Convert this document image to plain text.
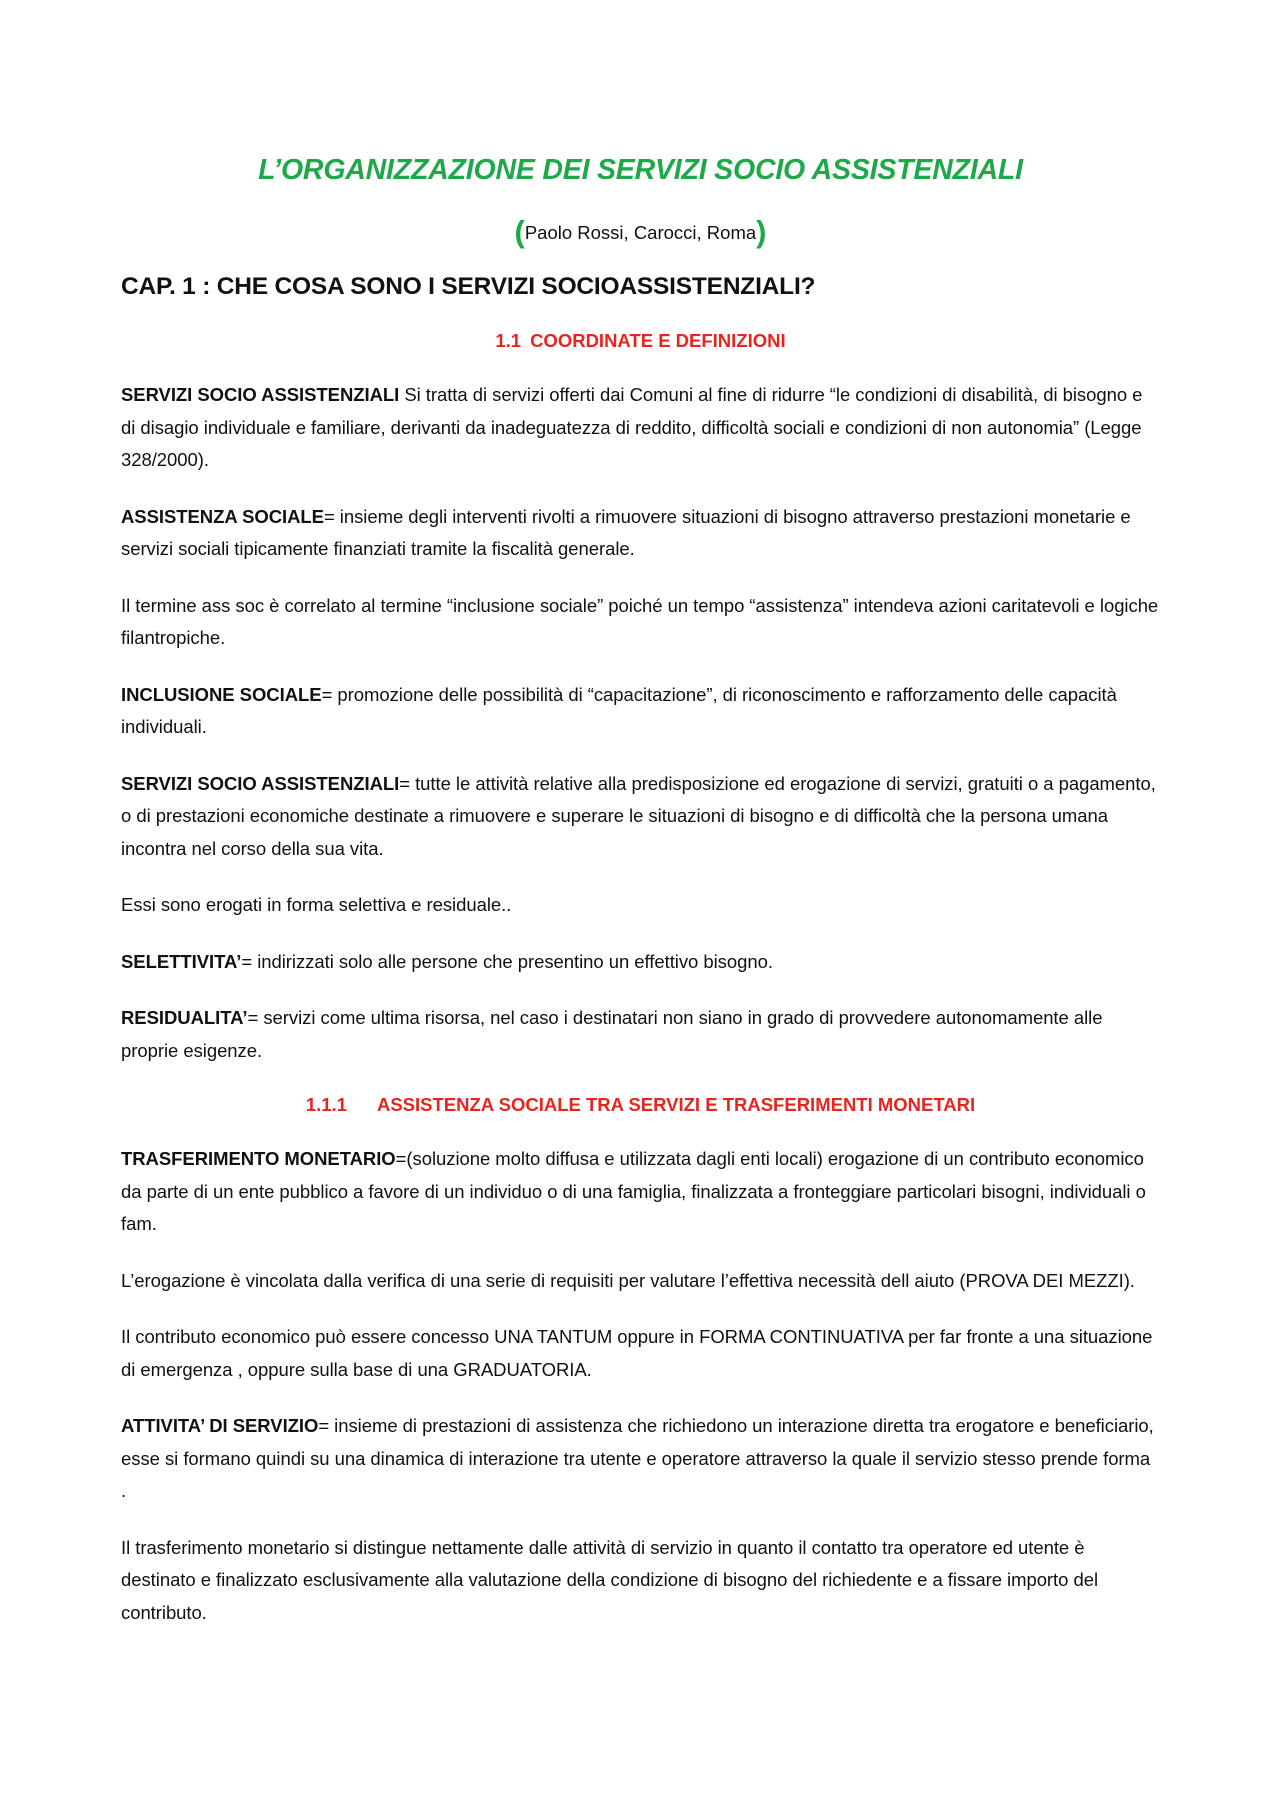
L’ORGANIZZAZIONE DEI SERVIZI SOCIO ASSISTENZIALI

(Paolo Rossi, Carocci, Roma)

CAP. 1 : CHE COSA SONO I SERVIZI SOCIOASSISTENZIALI?
1.1 COORDINATE E DEFINIZIONI

SERVIZI SOCIO ASSISTENZIALI Si tratta di servizi offerti dai Comuni al fine di ridurre “le condizioni di disabilità, di bisogno e di disagio individuale e familiare, derivanti da inadeguatezza di reddito, difficoltà sociali e condizioni di non autonomia” (Legge 328/2000).

ASSISTENZA SOCIALE= insieme degli interventi rivolti a rimuovere situazioni di bisogno attraverso prestazioni monetarie e servizi sociali tipicamente finanziati tramite la fiscalità generale.

Il termine ass soc è correlato al termine “inclusione sociale” poiché un tempo “assistenza” intendeva azioni caritatevoli e logiche filantropiche.

INCLUSIONE SOCIALE= promozione delle possibilità di “capacitazione”, di riconoscimento e rafforzamento delle capacità individuali.

SERVIZI SOCIO ASSISTENZIALI= tutte le attività relative alla predisposizione ed erogazione di servizi, gratuiti o a pagamento, o di prestazioni economiche destinate a rimuovere e superare le situazioni di bisogno e di difficoltà che la persona umana incontra nel corso della sua vita.

Essi sono erogati in forma selettiva e residuale..

SELETTIVITA’= indirizzati solo alle persone che presentino un effettivo bisogno.

RESIDUALITA’= servizi come ultima risorsa, nel caso i destinatari non siano in grado di provvedere autonomamente alle proprie esigenze.

1.1.1 ASSISTENZA SOCIALE TRA SERVIZI E TRASFERIMENTI MONETARI

TRASFERIMENTO MONETARIO=(soluzione molto diffusa e utilizzata dagli enti locali) erogazione di un contributo economico da parte di un ente pubblico a favore di un individuo o di una famiglia, finalizzata a fronteggiare particolari bisogni, individuali o fam.

L’erogazione è vincolata dalla verifica di una serie di requisiti per valutare l’effettiva necessità dell aiuto (PROVA DEI MEZZI).

Il contributo economico può essere concesso UNA TANTUM oppure in FORMA CONTINUATIVA per far fronte a una situazione di emergenza , oppure sulla base di una GRADUATORIA.

ATTIVITA’ DI SERVIZIO= insieme di prestazioni di assistenza che richiedono un interazione diretta tra erogatore e beneficiario, esse si formano quindi su una dinamica di interazione tra utente e operatore attraverso la quale il servizio stesso prende forma .

Il trasferimento monetario si distingue nettamente dalle attività di servizio in quanto il contatto tra operatore ed utente è destinato e finalizzato esclusivamente alla valutazione della condizione di bisogno del richiedente e a fissare importo del contributo.
